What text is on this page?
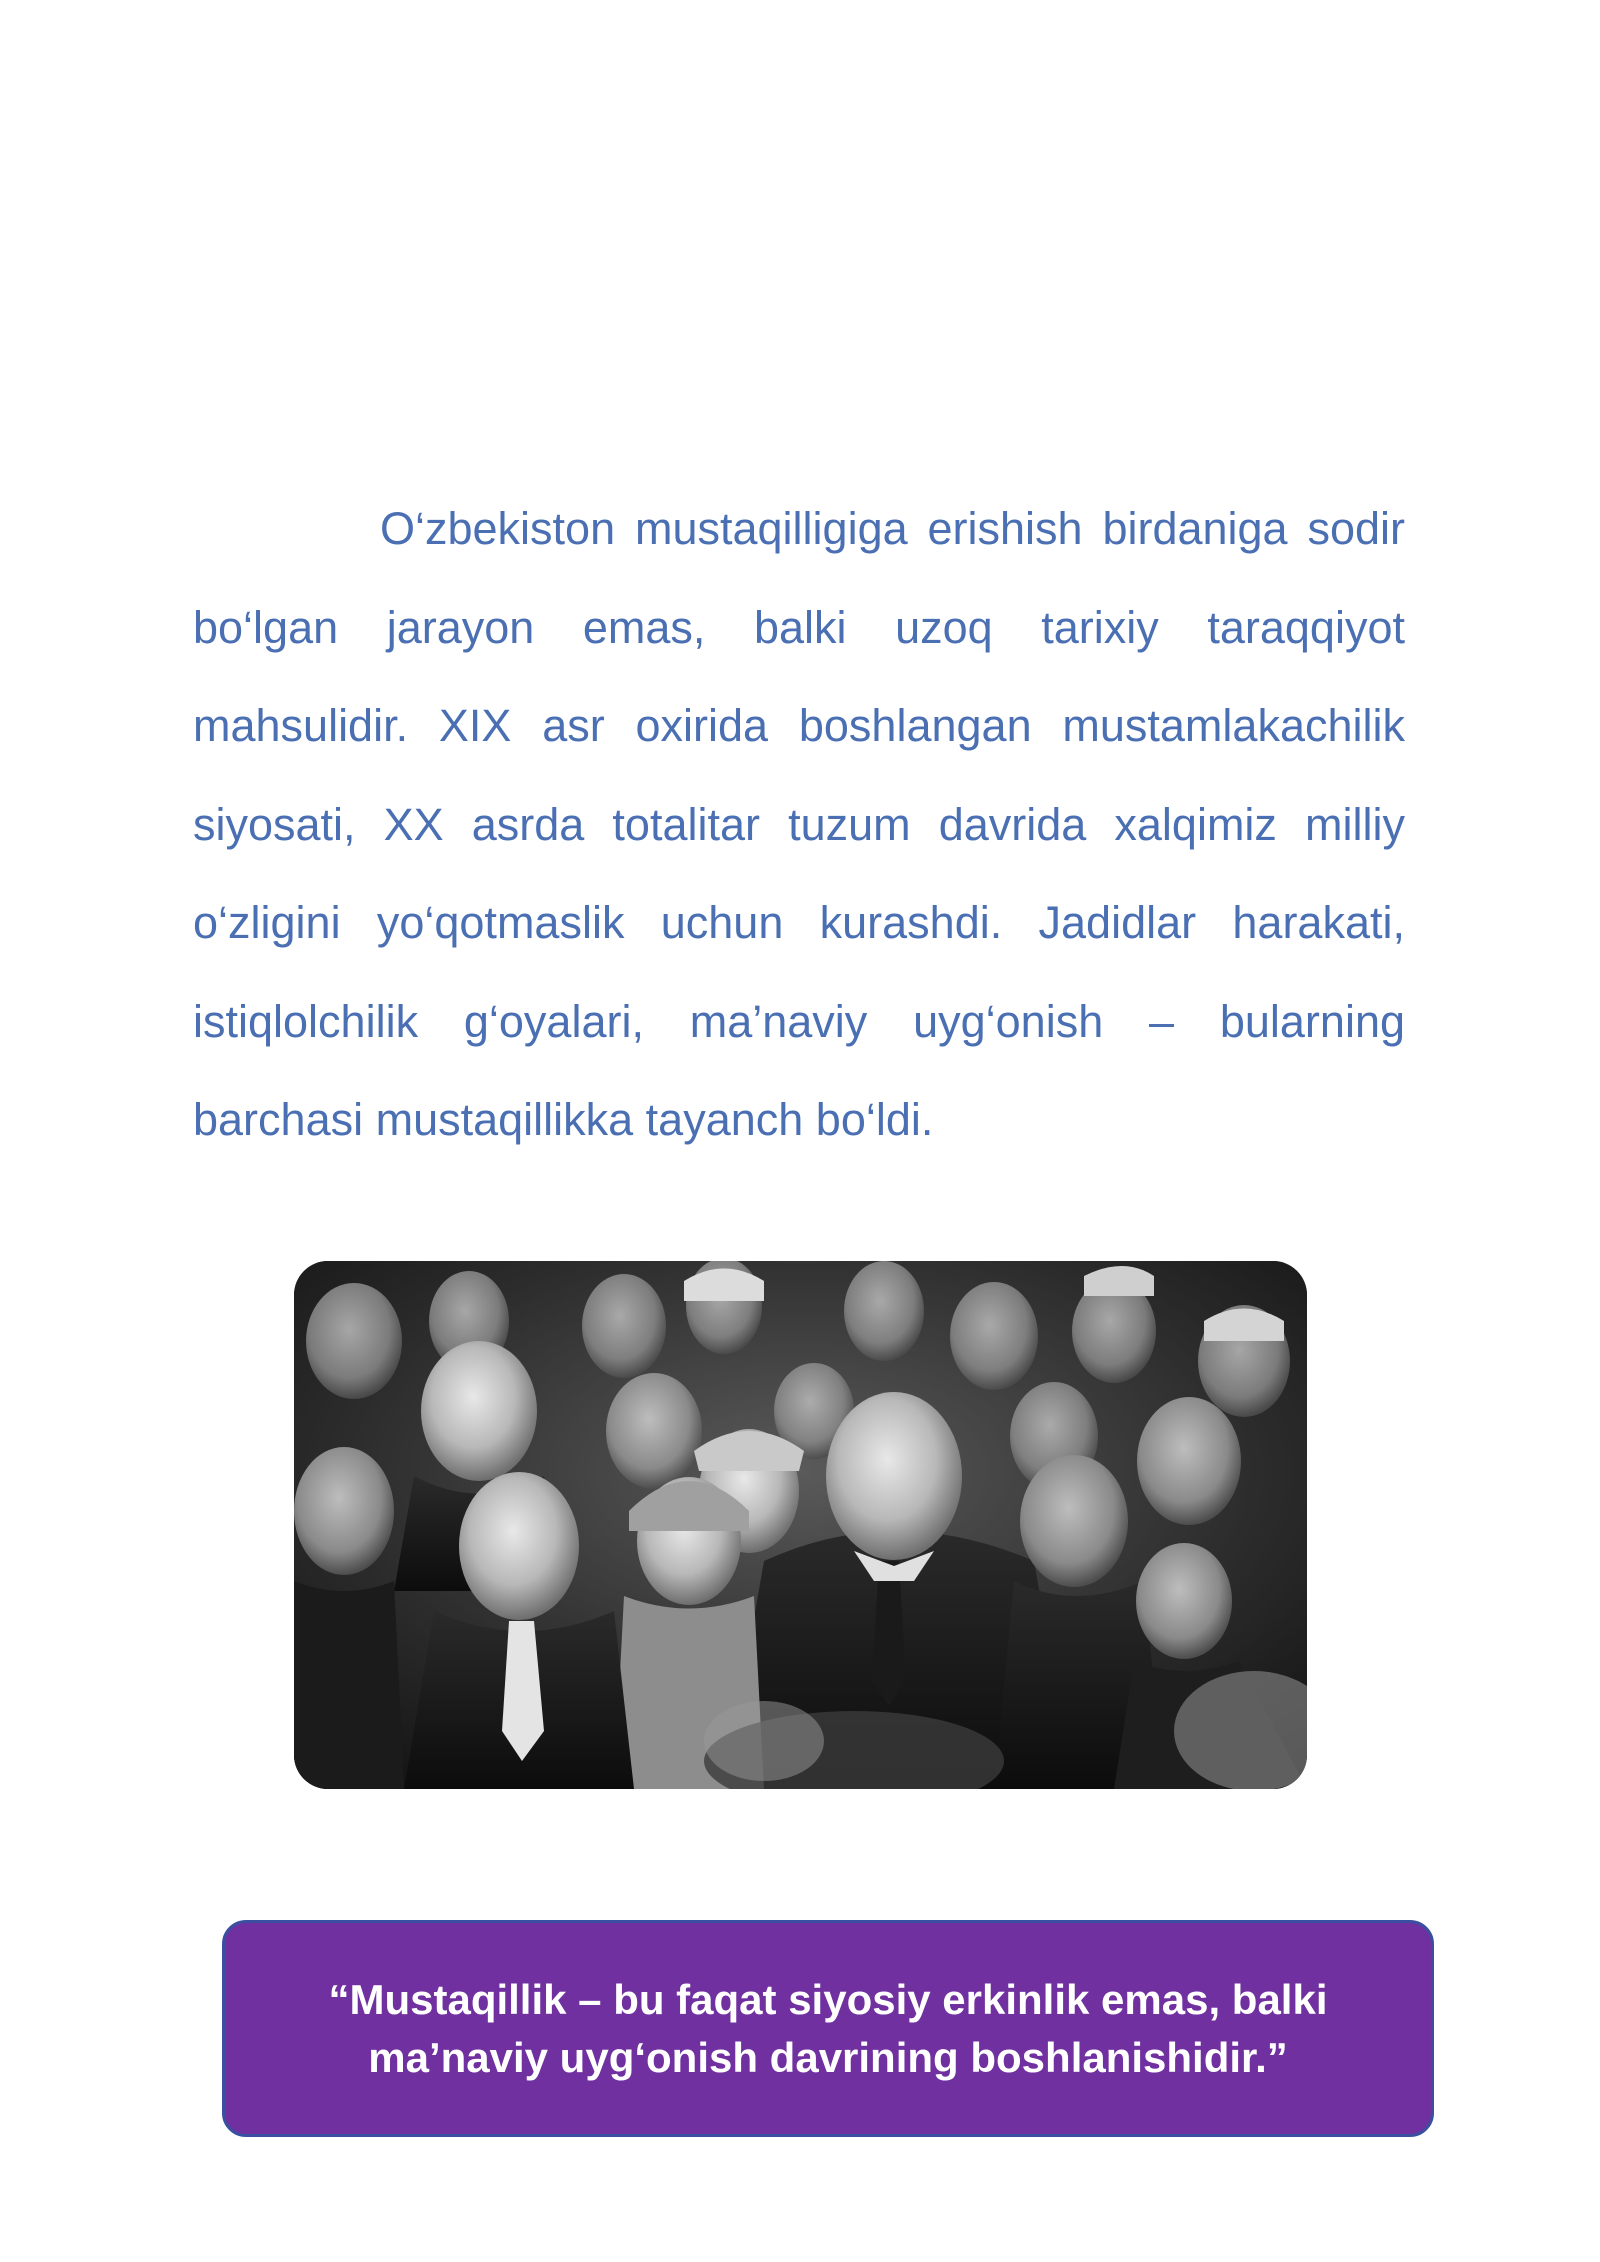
O‘zbekiston mustaqilligiga erishish birdaniga sodir bo‘lgan jarayon emas, balki uzoq tarixiy taraqqiyot mahsulidir. XIX asr oxirida boshlangan mustamlakachilik siyosati, XX asrda totalitar tuzum davrida xalqimiz milliy o‘zligini yo‘qotmaslik uchun kurashdi. Jadidlar harakati, istiqlolchilik g‘oyalari, ma’naviy uyg‘onish – bularning barchasi mustaqillikka tayanch bo‘ldi.

“Mustaqillik – bu faqat siyosiy erkinlik emas, balki ma’naviy uyg‘onish davrining boshlanishidir.”
